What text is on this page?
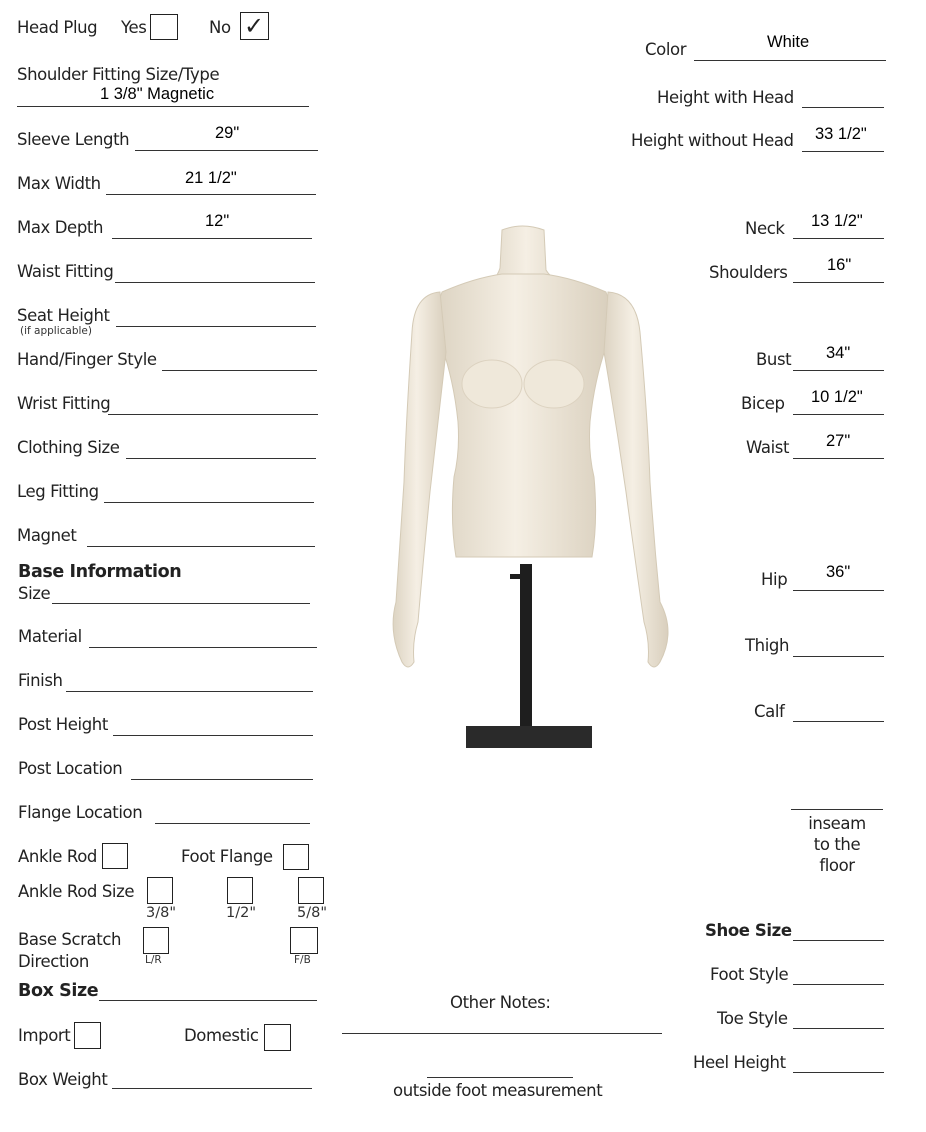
Head Plug Yes	No ✓
Shoulder Fitting Size/Type
1 3/8" Magnetic
Sleeve Length	29"
Max Width	21 1/2"
Max Depth	12"
Waist Fitting
Seat Height
(if applicable)
Hand/Finger Style
Wrist Fitting
Clothing Size
Leg Fitting
Magnet
Base Information
Size
Material
Finish
Post Height
Post Location
Flange Location
Ankle Rod	Foot Flange
Ankle Rod Size
3/8"	1/2"	5/8"
Base Scratch
Direction	L/R	F/B
Box Size
Import	Domestic
Box Weight
Color	White
Height with Head
Height without Head 33 1/2"
Neck 13 1/2"
Shoulders 16"
Bust 34"
Bicep 10 1/2"
Waist 27"
Hip 36"
Thigh
Calf
inseam
to the
floor
Shoe Size
Foot Style
Toe Style
Heel Height
Other Notes:
outside foot measurement
